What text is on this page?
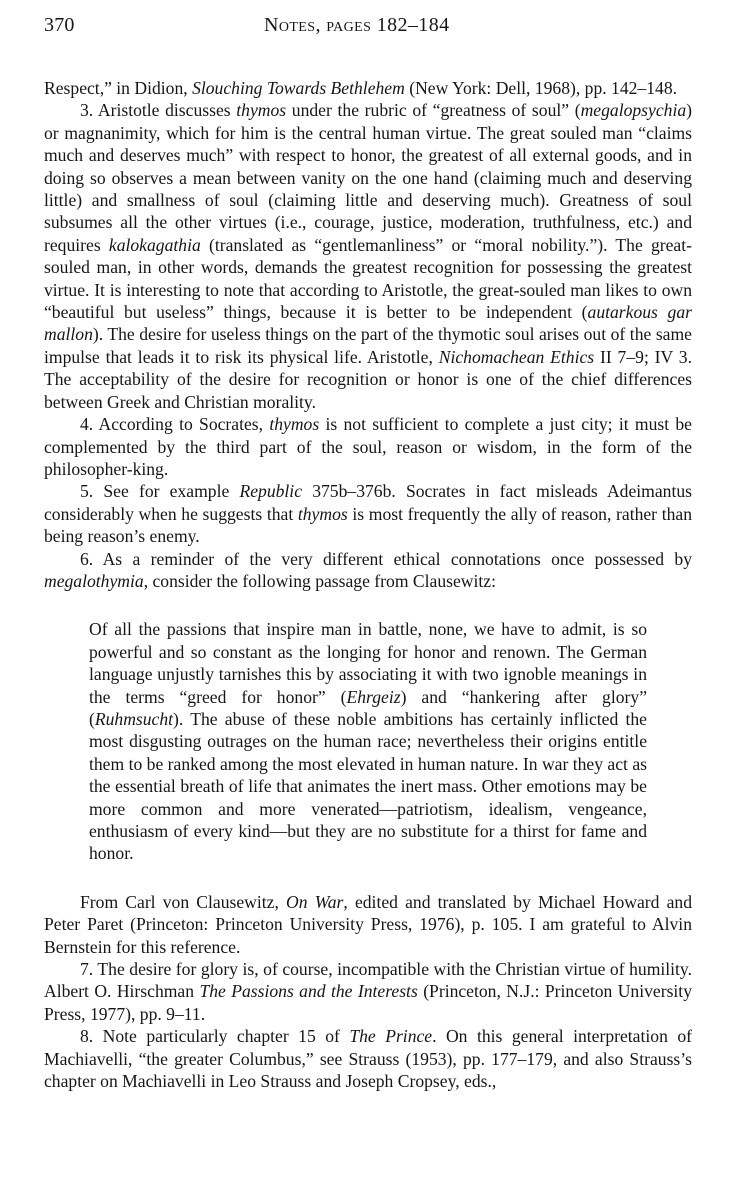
370	Notes, pages 182–184

Respect,” in Didion, Slouching Towards Bethlehem (New York: Dell, 1968), pp. 142–148.

3. Aristotle discusses thymos under the rubric of “greatness of soul” (megalopsychia) or magnanimity, which for him is the central human virtue. The great souled man “claims much and deserves much” with respect to honor, the greatest of all external goods, and in doing so observes a mean between vanity on the one hand (claiming much and deserving little) and smallness of soul (claiming little and deserving much). Greatness of soul subsumes all the other virtues (i.e., courage, justice, moderation, truthfulness, etc.) and requires kalokagathia (translated as “gentlemanliness” or “moral nobility.”). The great-souled man, in other words, demands the greatest recognition for possessing the greatest virtue. It is interesting to note that according to Aristotle, the great-souled man likes to own “beautiful but useless” things, because it is better to be independent (autarkous gar mallon). The desire for useless things on the part of the thymotic soul arises out of the same impulse that leads it to risk its physical life. Aristotle, Nichomachean Ethics II 7–9; IV 3. The acceptability of the desire for recognition or honor is one of the chief differences between Greek and Christian morality.

4. According to Socrates, thymos is not sufficient to complete a just city; it must be complemented by the third part of the soul, reason or wisdom, in the form of the philosopher-king.

5. See for example Republic 375b–376b. Socrates in fact misleads Adeimantus considerably when he suggests that thymos is most frequently the ally of reason, rather than being reason’s enemy.

6. As a reminder of the very different ethical connotations once possessed by megalothymia, consider the following passage from Clausewitz:

Of all the passions that inspire man in battle, none, we have to admit, is so powerful and so constant as the longing for honor and renown. The German language unjustly tarnishes this by associating it with two ignoble meanings in the terms “greed for honor” (Ehrgeiz) and “hankering after glory” (Ruhmsucht). The abuse of these noble ambitions has certainly inflicted the most disgusting outrages on the human race; nevertheless their origins entitle them to be ranked among the most elevated in human nature. In war they act as the essential breath of life that animates the inert mass. Other emotions may be more common and more venerated—patriotism, idealism, vengeance, enthusiasm of every kind—but they are no substitute for a thirst for fame and honor.

From Carl von Clausewitz, On War, edited and translated by Michael Howard and Peter Paret (Princeton: Princeton University Press, 1976), p. 105. I am grateful to Alvin Bernstein for this reference.

7. The desire for glory is, of course, incompatible with the Christian virtue of humility. Albert O. Hirschman The Passions and the Interests (Princeton, N.J.: Princeton University Press, 1977), pp. 9–11.

8. Note particularly chapter 15 of The Prince. On this general interpretation of Machiavelli, “the greater Columbus,” see Strauss (1953), pp. 177–179, and also Strauss’s chapter on Machiavelli in Leo Strauss and Joseph Cropsey, eds.,
